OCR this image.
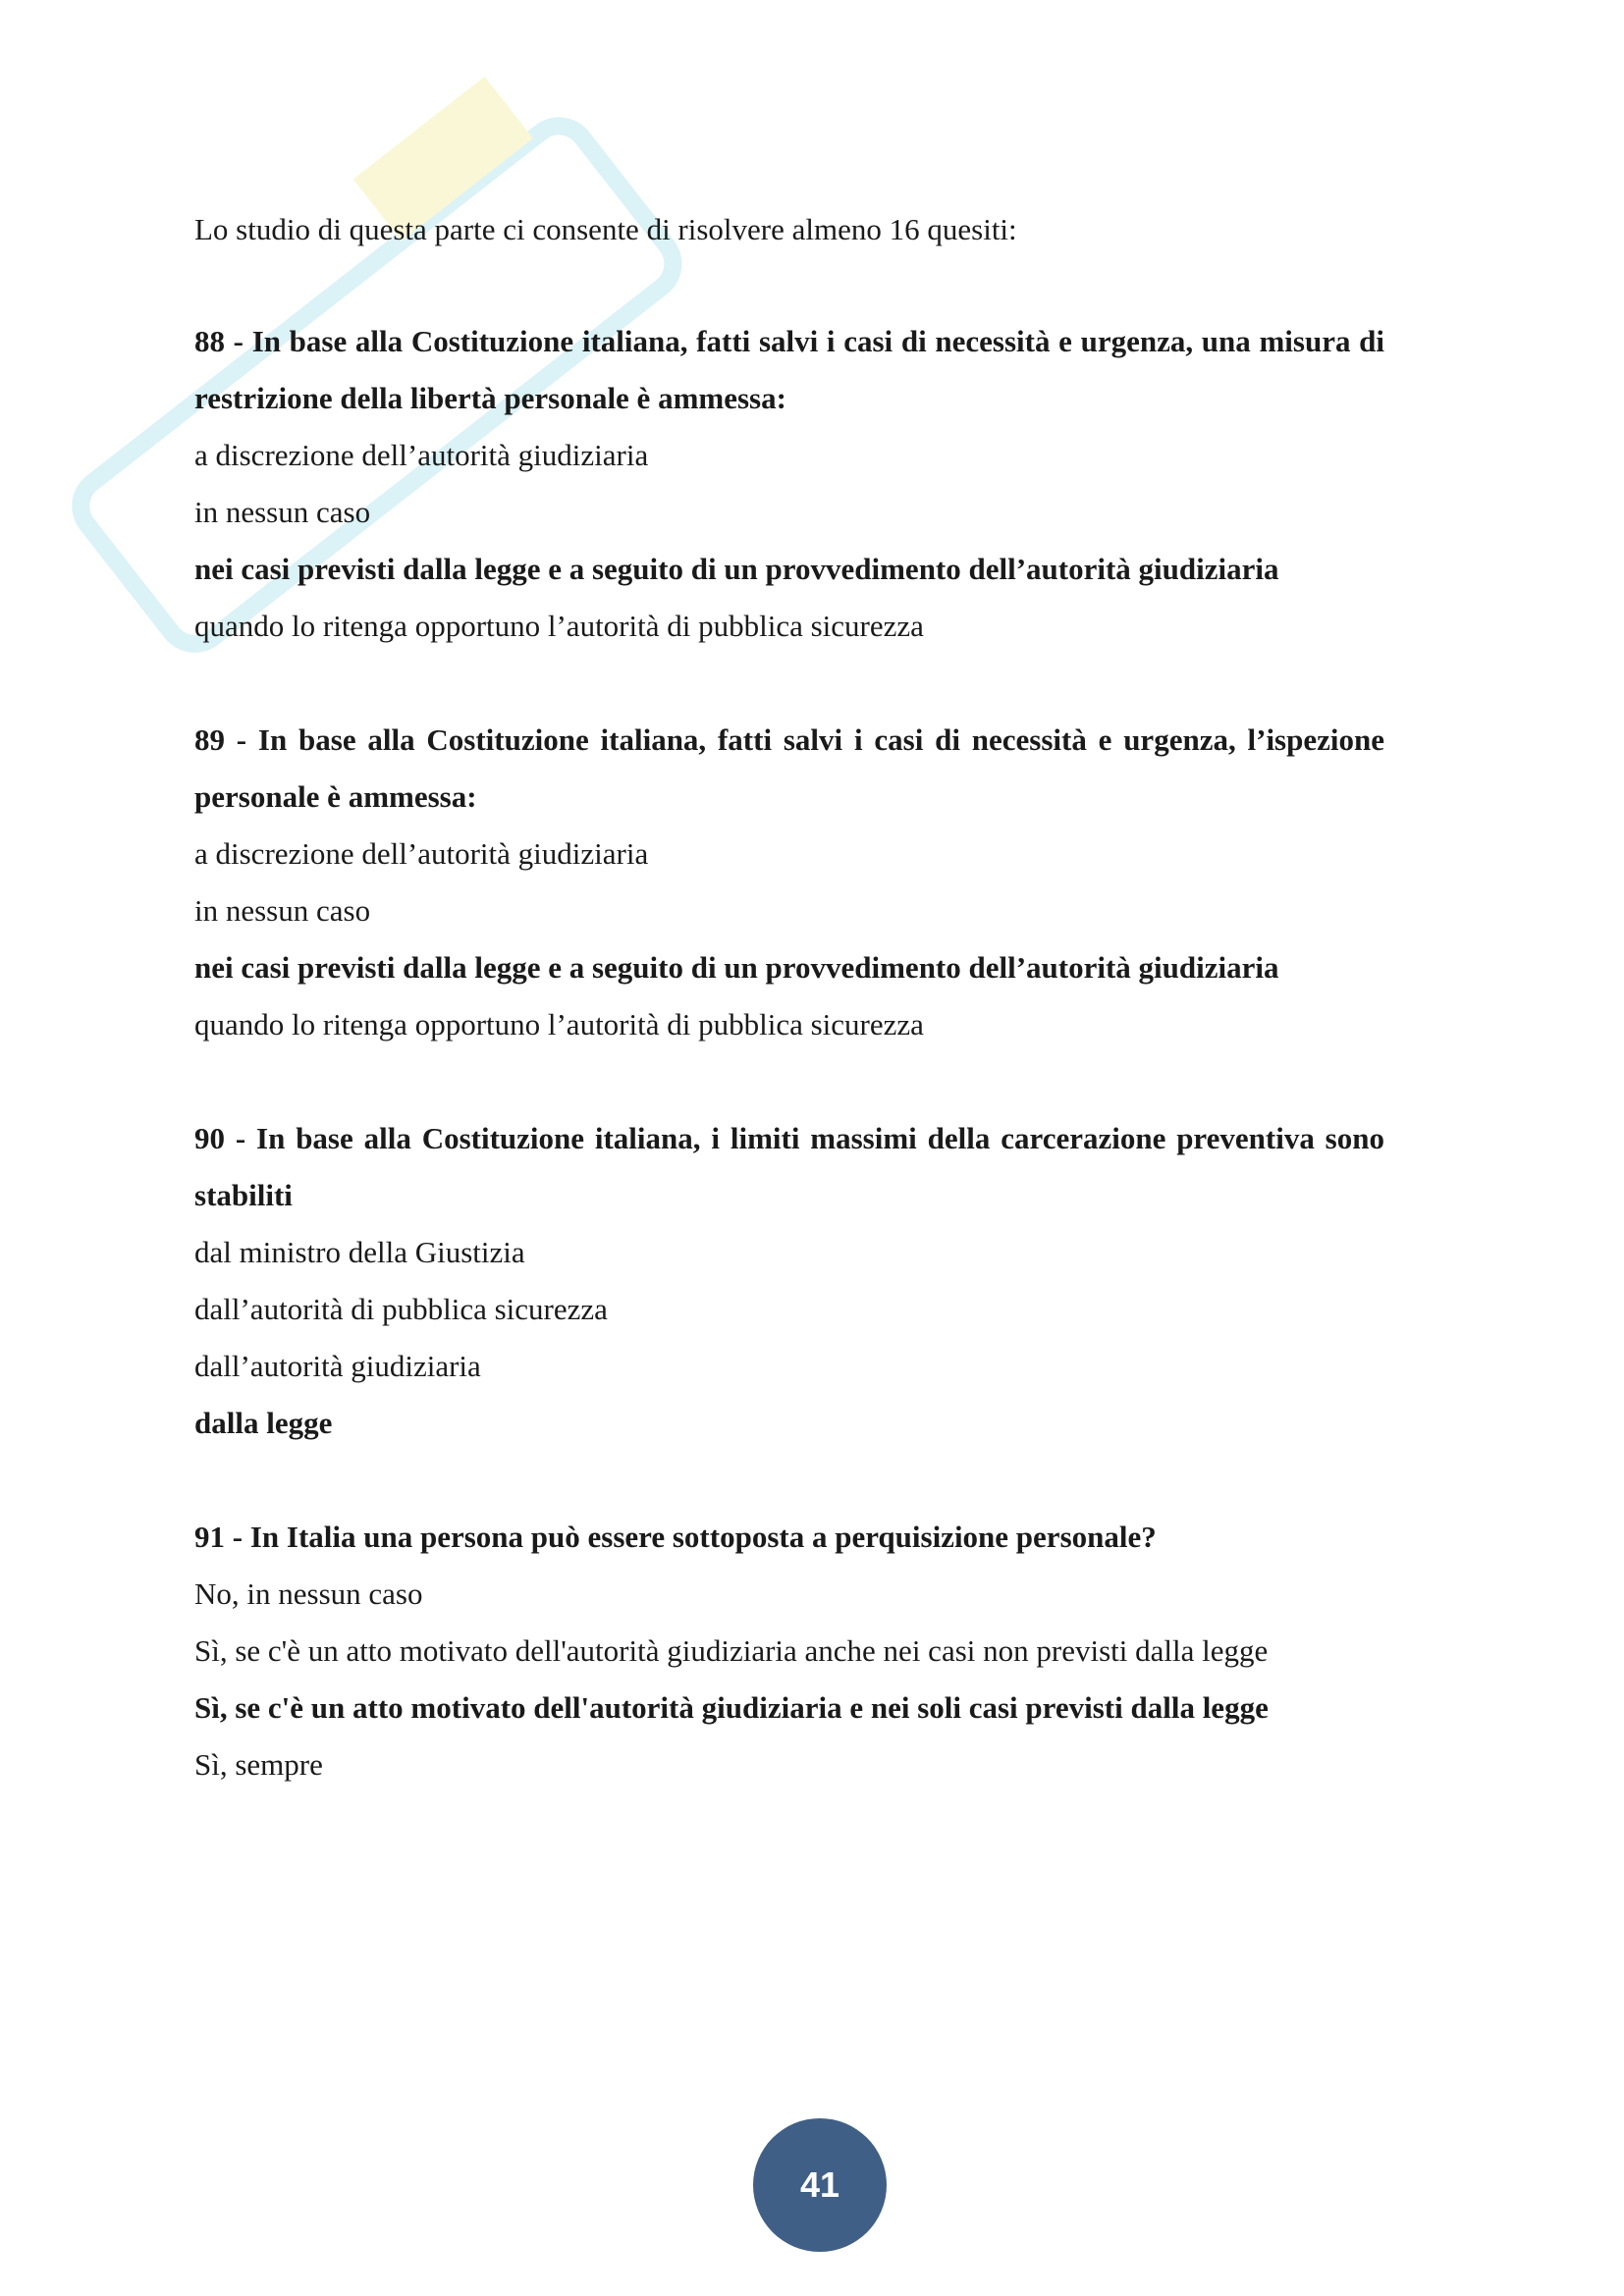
Lo studio di questa parte ci consente di risolvere almeno 16 quesiti:

88 - In base alla Costituzione italiana, fatti salvi i casi di necessità e urgenza, una misura di restrizione della libertà personale è ammessa:

a discrezione dell’autorità giudiziaria

in nessun caso

nei casi previsti dalla legge e a seguito di un provvedimento dell’autorità giudiziaria

quando lo ritenga opportuno l’autorità di pubblica sicurezza

89 - In base alla Costituzione italiana, fatti salvi i casi di necessità e urgenza, l’ispezione personale è ammessa:

a discrezione dell’autorità giudiziaria

in nessun caso

nei casi previsti dalla legge e a seguito di un provvedimento dell’autorità giudiziaria

quando lo ritenga opportuno l’autorità di pubblica sicurezza

90 - In base alla Costituzione italiana, i limiti massimi della carcerazione preventiva sono stabiliti

dal ministro della Giustizia

dall’autorità di pubblica sicurezza

dall’autorità giudiziaria

dalla legge

91 - In Italia una persona può essere sottoposta a perquisizione personale?

No, in nessun caso

Sì, se c'è un atto motivato dell'autorità giudiziaria anche nei casi non previsti dalla legge

Sì, se c'è un atto motivato dell'autorità giudiziaria e nei soli casi previsti dalla legge

Sì, sempre

41
